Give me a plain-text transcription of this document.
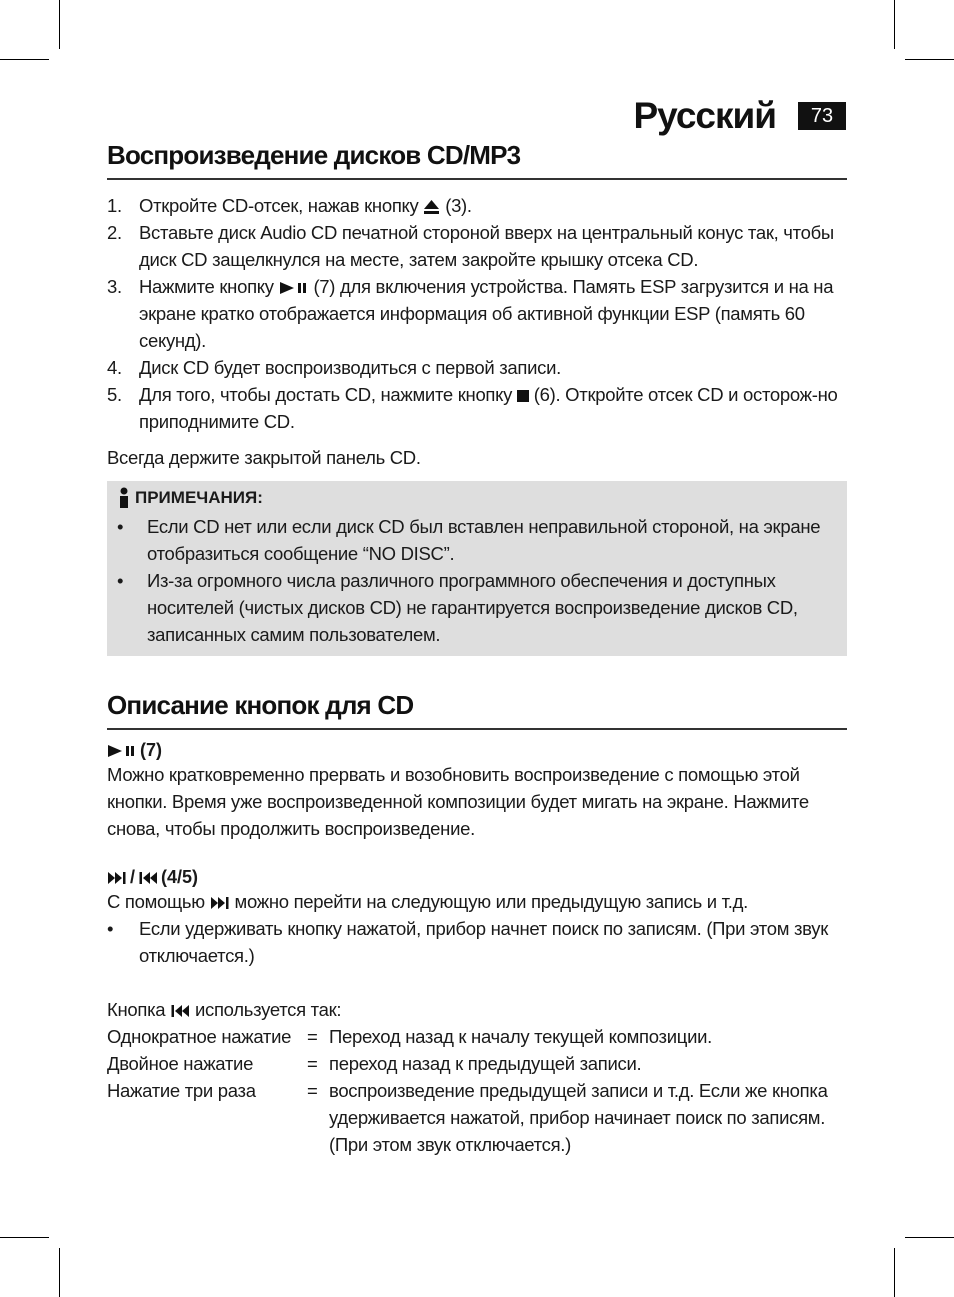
Русский	73
Воспроизведение дисков CD/MP3
1. Откройте CD-отсек, нажав кнопку (3).
2. Вставьте диск Audio CD печатной стороной вверх на центральный конус так, чтобы диск CD защелкнулся на месте, затем закройте крышку отсека CD.
3. Нажмите кнопку (7) для включения устройства. Память ESP загрузится и на на экране кратко отображается информация об активной функции ESP (память 60 секунд).
4. Диск CD будет воспроизводиться с первой записи.
5. Для того, чтобы достать CD, нажмите кнопку (6). Откройте отсек CD и осторож-но приподнимите CD.
Всегда держите закрытой панель CD.
ПРИМЕЧАНИЯ:
• Если CD нет или если диск CD был вставлен неправильной стороной, на экране отобразиться сообщение “NO DISC”.
• Из-за огромного числа различного программного обеспечения и доступных носителей (чистых дисков CD) не гарантируется воспроизведение дисков CD, записанных самим пользователем.
Описание кнопок для CD
(7)
Можно кратковременно прервать и возобновить воспроизведение с помощью этой кнопки. Время уже воспроизведенной композиции будет мигать на экране. Нажмите снова, чтобы продолжить воспроизведение.
/ (4/5)
С помощью можно перейти на следующую или предыдущую запись и т.д.
• Если удерживать кнопку нажатой, прибор начнет поиск по записям. (При этом звук отключается.)
Кнопка используется так:
Однократное нажатие = Переход назад к началу текущей композиции.
Двойное нажатие	= переход назад к предыдущей записи.
Нажатие три раза	= воспроизведение предыдущей записи и т.д. Если же кнопка удерживается нажатой, прибор начинает поиск по записям. (При этом звук отключается.)
